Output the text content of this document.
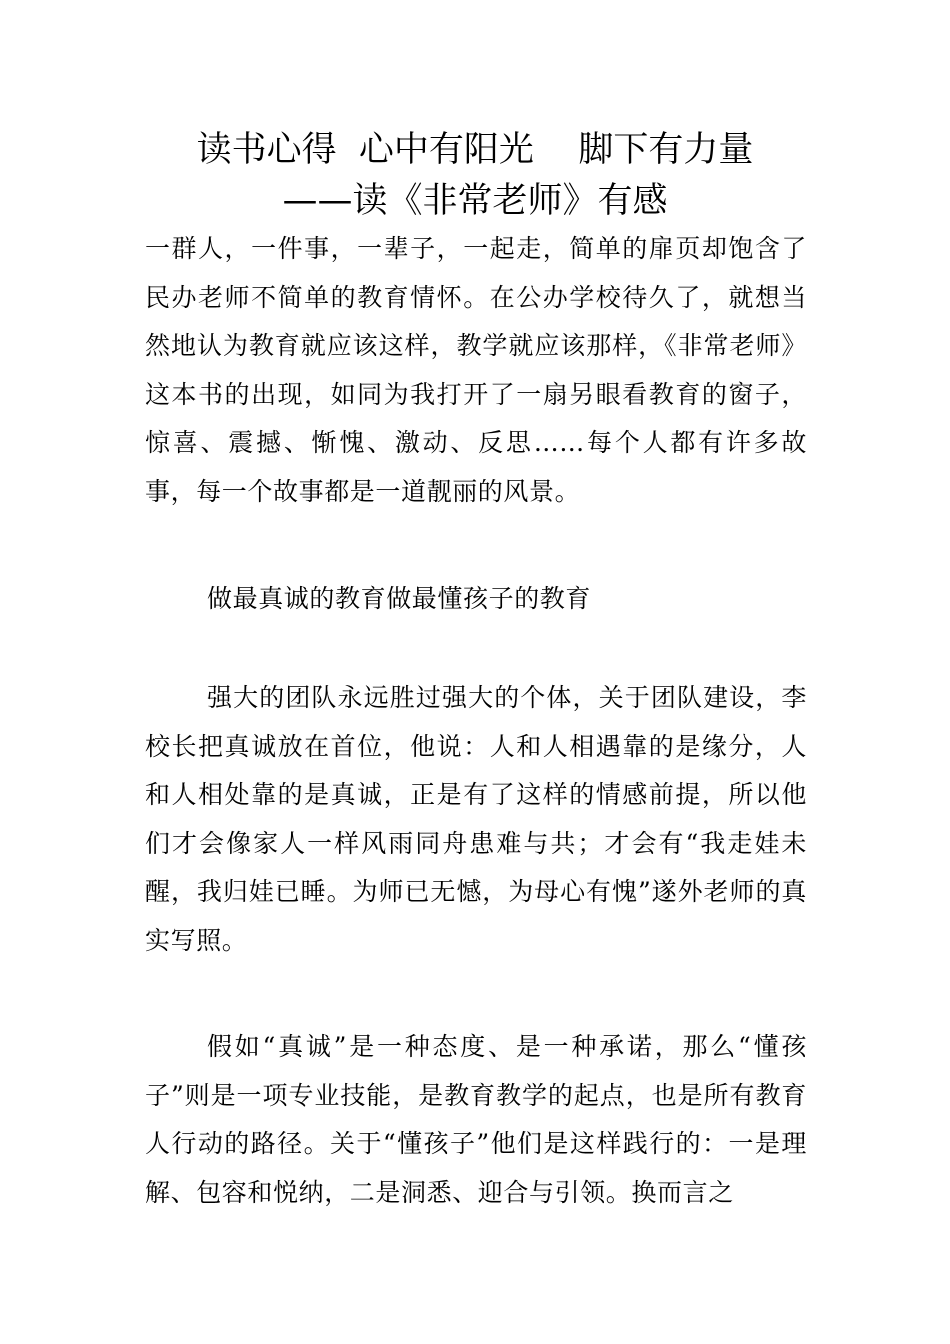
读书心得  心中有阳光    脚下有力量
——读《非常老师》有感

一群人，一件事，一辈子，一起走，简单的扉页却饱含了民办老师不简单的教育情怀。在公办学校待久了，就想当然地认为教育就应该这样，教学就应该那样，《非常老师》这本书的出现，如同为我打开了一扇另眼看教育的窗子，惊喜、震撼、惭愧、激动、反思……每个人都有许多故事，每一个故事都是一道靓丽的风景。

做最真诚的教育做最懂孩子的教育

强大的团队永远胜过强大的个体，关于团队建设，李校长把真诚放在首位，他说：人和人相遇靠的是缘分，人和人相处靠的是真诚，正是有了这样的情感前提，所以他们才会像家人一样风雨同舟患难与共；才会有“我走娃未醒，我归娃已睡。为师已无憾，为母心有愧”遂外老师的真实写照。

假如“真诚”是一种态度、是一种承诺，那么“懂孩子”则是一项专业技能，是教育教学的起点，也是所有教育人行动的路径。关于“懂孩子”他们是这样践行的：一是理解、包容和悦纳，二是洞悉、迎合与引领。换而言之
